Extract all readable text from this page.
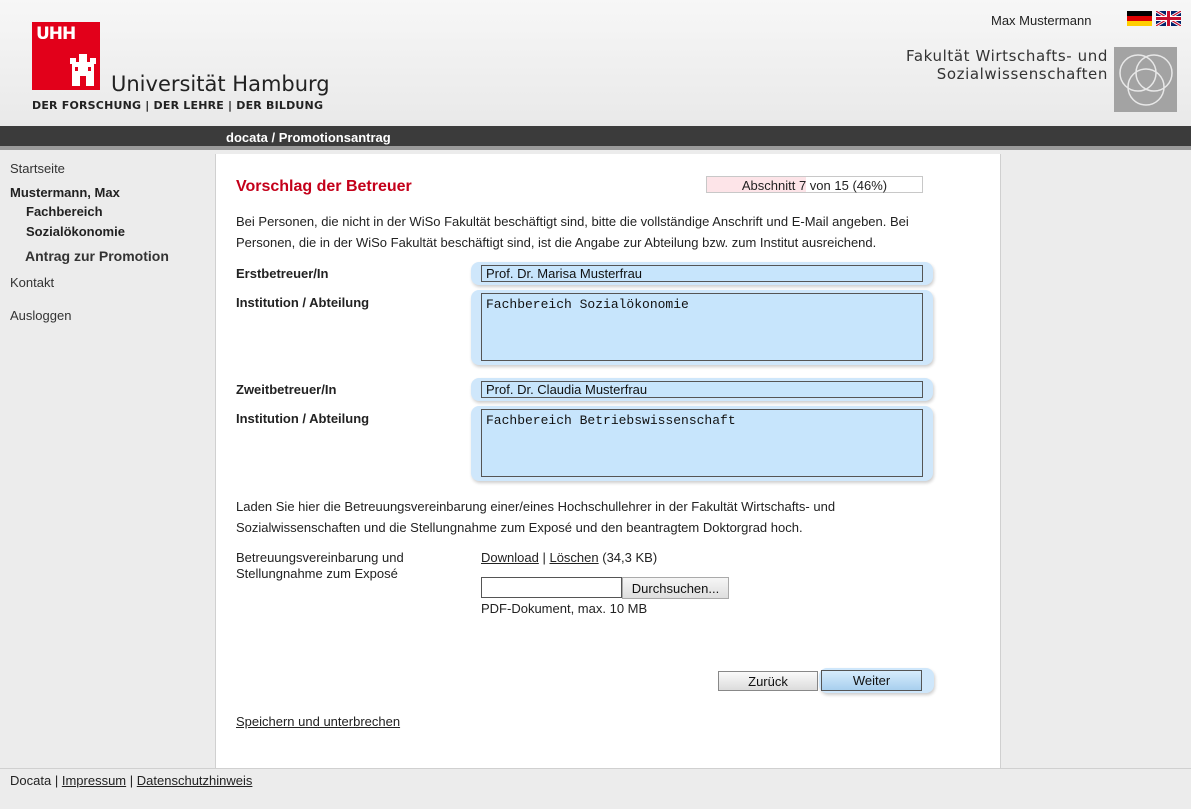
UHH
Universität Hamburg
DER FORSCHUNG | DER LEHRE | DER BILDUNG
Max Mustermann
Fakultät Wirtschafts- und
Sozialwissenschaften
docata / Promotionsantrag
Startseite
Mustermann, Max
Fachbereich Sozialökonomie
Antrag zur Promotion
Kontakt
Ausloggen
Vorschlag der Betreuer	Abschnitt 7 von 15 (46%)
Bei Personen, die nicht in der WiSo Fakultät beschäftigt sind, bitte die vollständige Anschrift und E-Mail angeben. Bei Personen, die in der WiSo Fakultät beschäftigt sind, ist die Angabe zur Abteilung bzw. zum Institut ausreichend.
Erstbetreuer/In
Prof. Dr. Marisa Musterfrau
Institution / Abteilung
Fachbereich Sozialökonomie
Zweitbetreuer/In
Prof. Dr. Claudia Musterfrau
Institution / Abteilung
Fachbereich Betriebswissenschaft
Laden Sie hier die Betreuungsvereinbarung einer/eines Hochschullehrer in der Fakultät Wirtschafts- und Sozialwissenschaften und die Stellungnahme zum Exposé und den beantragtem Doktorgrad hoch.
Betreuungsvereinbarung und Stellungnahme zum Exposé
Download | Löschen (34,3 KB)
Durchsuchen...
PDF-Dokument, max. 10 MB
Zurück	Weiter
Speichern und unterbrechen
Docata | Impressum | Datenschutzhinweis
